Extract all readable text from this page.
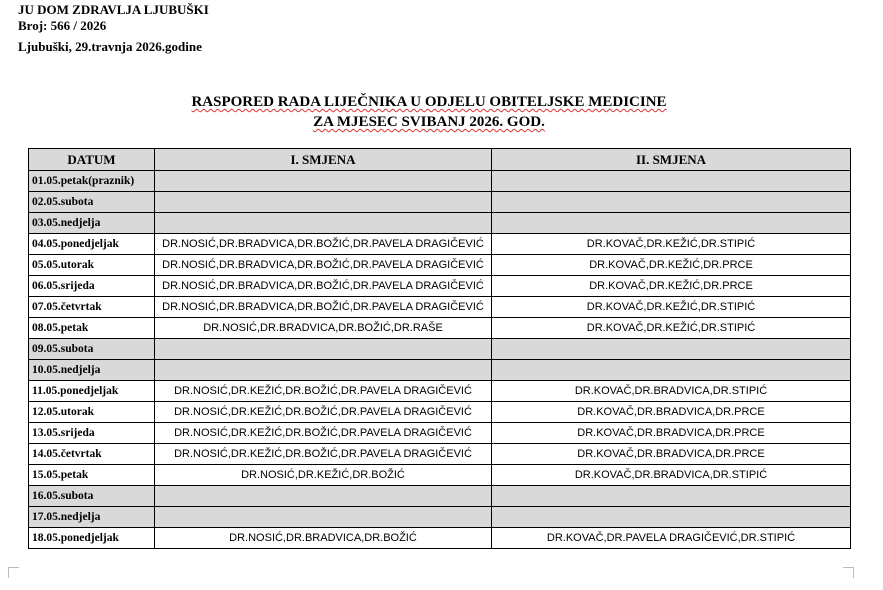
JU DOM ZDRAVLJA LJUBUŠKI
Broj: 566 / 2026
Ljubuški, 29.travnja 2026.godine
RASPORED RADA LIJEČNIKA U ODJELU OBITELJSKE MEDICINE
ZA MJESEC SVIBANJ 2026. GOD.
DATUM	I. SMJENA	II. SMJENA
01.05.petak(praznik)		
02.05.subota		
03.05.nedjelja		
04.05.ponedjeljak	DR.NOSIĆ,DR.BRADVICA,DR.BOŽIĆ,DR.PAVELA DRAGIČEVIĆ	DR.KOVAČ,DR.KEŽIĆ,DR.STIPIĆ
05.05.utorak	DR.NOSIĆ,DR.BRADVICA,DR.BOŽIĆ,DR.PAVELA DRAGIČEVIĆ	DR.KOVAČ,DR.KEŽIĆ,DR.PRCE
06.05.srijeda	DR.NOSIĆ,DR.BRADVICA,DR.BOŽIĆ,DR.PAVELA DRAGIČEVIĆ	DR.KOVAČ,DR.KEŽIĆ,DR.PRCE
07.05.četvrtak	DR.NOSIĆ,DR.BRADVICA,DR.BOŽIĆ,DR.PAVELA DRAGIČEVIĆ	DR.KOVAČ,DR.KEŽIĆ,DR.STIPIĆ
08.05.petak	DR.NOSIĆ,DR.BRADVICA,DR.BOŽIĆ,DR.RAŠE	DR.KOVAČ,DR.KEŽIĆ,DR.STIPIĆ
09.05.subota		
10.05.nedjelja		
11.05.ponedjeljak	DR.NOSIĆ,DR.KEŽIĆ,DR.BOŽIĆ,DR.PAVELA DRAGIČEVIĆ	DR.KOVAČ,DR.BRADVICA,DR.STIPIĆ
12.05.utorak	DR.NOSIĆ,DR.KEŽIĆ,DR.BOŽIĆ,DR.PAVELA DRAGIČEVIĆ	DR.KOVAČ,DR.BRADVICA,DR.PRCE
13.05.srijeda	DR.NOSIĆ,DR.KEŽIĆ,DR.BOŽIĆ,DR.PAVELA DRAGIČEVIĆ	DR.KOVAČ,DR.BRADVICA,DR.PRCE
14.05.četvrtak	DR.NOSIĆ,DR.KEŽIĆ,DR.BOŽIĆ,DR.PAVELA DRAGIČEVIĆ	DR.KOVAČ,DR.BRADVICA,DR.PRCE
15.05.petak	DR.NOSIĆ,DR.KEŽIĆ,DR.BOŽIĆ	DR.KOVAČ,DR.BRADVICA,DR.STIPIĆ
16.05.subota		
17.05.nedjelja		
18.05.ponedjeljak	DR.NOSIĆ,DR.BRADVICA,DR.BOŽIĆ	DR.KOVAČ,DR.PAVELA DRAGIČEVIĆ,DR.STIPIĆ
